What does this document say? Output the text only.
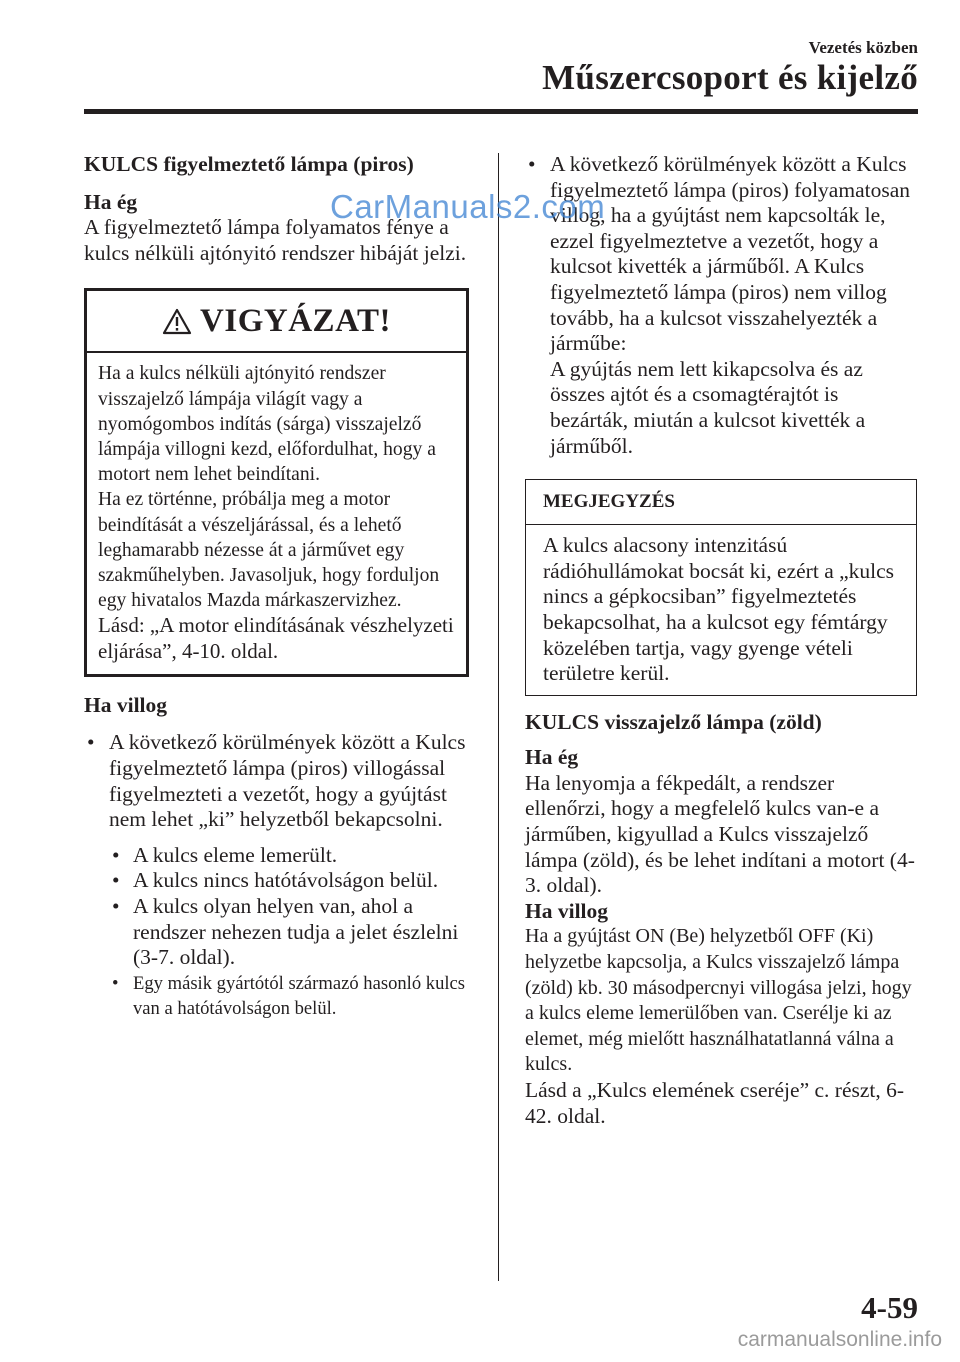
Vezetés közben
Műszercsoport és kijelző

KULCS figyelmeztető lámpa (piros)

Ha ég

A figyelmeztető lámpa folyamatos fénye a kulcs nélküli ajtónyitó rendszer hibáját jelzi.

VIGYÁZAT!

Ha a kulcs nélküli ajtónyitó rendszer visszajelző lámpája világít vagy a nyomógombos indítás (sárga) visszajelző lámpája villogni kezd, előfordulhat, hogy a motort nem lehet beindítani.

Ha ez történne, próbálja meg a motor beindítását a vészeljárással, és a lehető leghamarabb nézesse át a járművet egy szakműhelyben. Javasoljuk, hogy forduljon egy hivatalos Mazda márkaszervizhez.

Lásd: „A motor elindításának vészhelyzeti eljárása”, 4-10. oldal.

Ha villog

• A következő körülmények között a Kulcs figyelmeztető lámpa (piros) villogással figyelmezteti a vezetőt, hogy a gyújtást nem lehet „ki” helyzetből bekapcsolni.
• A kulcs eleme lemerült.
• A kulcs nincs hatótávolságon belül.
• A kulcs olyan helyen van, ahol a rendszer nehezen tudja a jelet észlelni (3-7. oldal).
• Egy másik gyártótól származó hasonló kulcs van a hatótávolságon belül.
• A következő körülmények között a Kulcs figyelmeztető lámpa (piros) folyamatosan villog, ha a gyújtást nem kapcsolták le, ezzel figyelmeztetve a vezetőt, hogy a kulcsot kivették a járműből. A Kulcs figyelmeztető lámpa (piros) nem villog tovább, ha a kulcsot visszahelyezték a járműbe:
A gyújtás nem lett kikapcsolva és az összes ajtót és a csomagtérajtót is bezárták, miután a kulcsot kivették a járműből.
MEGJEGYZÉS
A kulcs alacsony intenzitású rádióhullámokat bocsát ki, ezért a „kulcs nincs a gépkocsiban” figyelmeztetés bekapcsolhat, ha a kulcsot egy fémtárgy közelében tartja, vagy gyenge vételi területre kerül.

KULCS visszajelző lámpa (zöld)

Ha ég

Ha lenyomja a fékpedált, a rendszer ellenőrzi, hogy a megfelelő kulcs van-e a járműben, kigyullad a Kulcs visszajelző lámpa (zöld), és be lehet indítani a motort (4-3. oldal).

Ha villog

Ha a gyújtást ON (Be) helyzetből OFF (Ki) helyzetbe kapcsolja, a Kulcs visszajelző lámpa (zöld) kb. 30 másodpercnyi villogása jelzi, hogy a kulcs eleme lemerülőben van. Cserélje ki az elemet, még mielőtt használhatatlanná válna a kulcs.

Lásd a „Kulcs elemének cseréje” c. részt, 6-42. oldal.

CarManuals2.com
4-59
carmanualsonline.info
